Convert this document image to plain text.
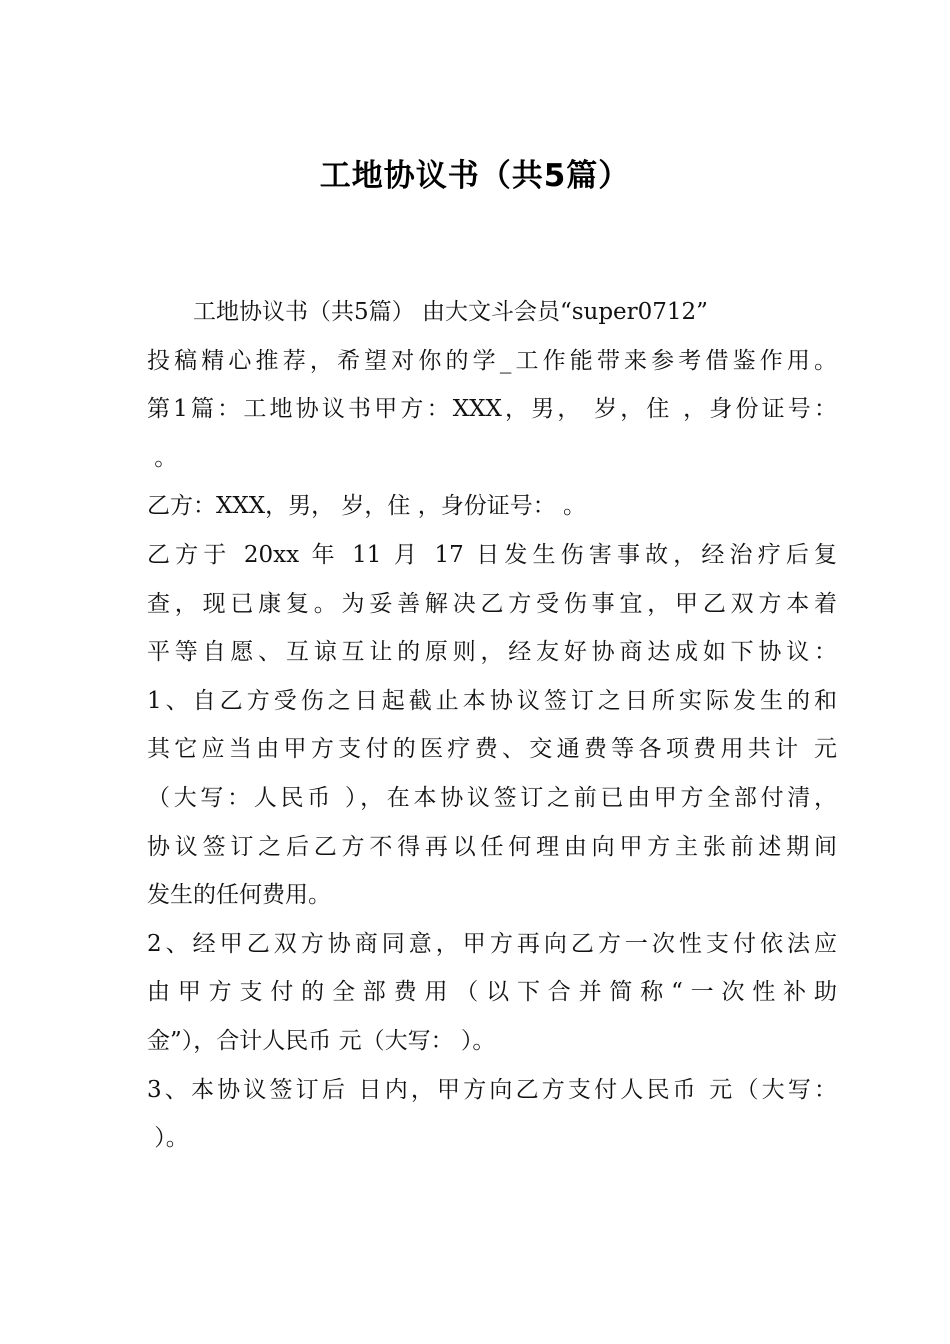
工地协议书（共5篇）
　　工地协议书（共5篇） 由大文斗会员“super0712”
投稿精心推荐，希望对你的学_工作能带来参考借鉴作用。
第1篇：工地协议书甲方：XXX，男， 岁，住 ，身份证号：
。
乙方：XXX，男， 岁，住 ，身份证号： 。
乙方于 20xx 年 11 月 17 日发生伤害事故，经治疗后复
查，现已康复。为妥善解决乙方受伤事宜，甲乙双方本着
平等自愿、互谅互让的原则，经友好协商达成如下协议：
1、自乙方受伤之日起截止本协议签订之日所实际发生的和
其它应当由甲方支付的医疗费、交通费等各项费用共计 元
（大写：人民币 ），在本协议签订之前已由甲方全部付清，
协议签订之后乙方不得再以任何理由向甲方主张前述期间
发生的任何费用。
2、经甲乙双方协商同意，甲方再向乙方一次性支付依法应
由甲方支付的全部费用（以下合并简称“一次性补助
金”），合计人民币 元（大写： ）。
3、本协议签订后 日内，甲方向乙方支付人民币 元（大写：
）。
